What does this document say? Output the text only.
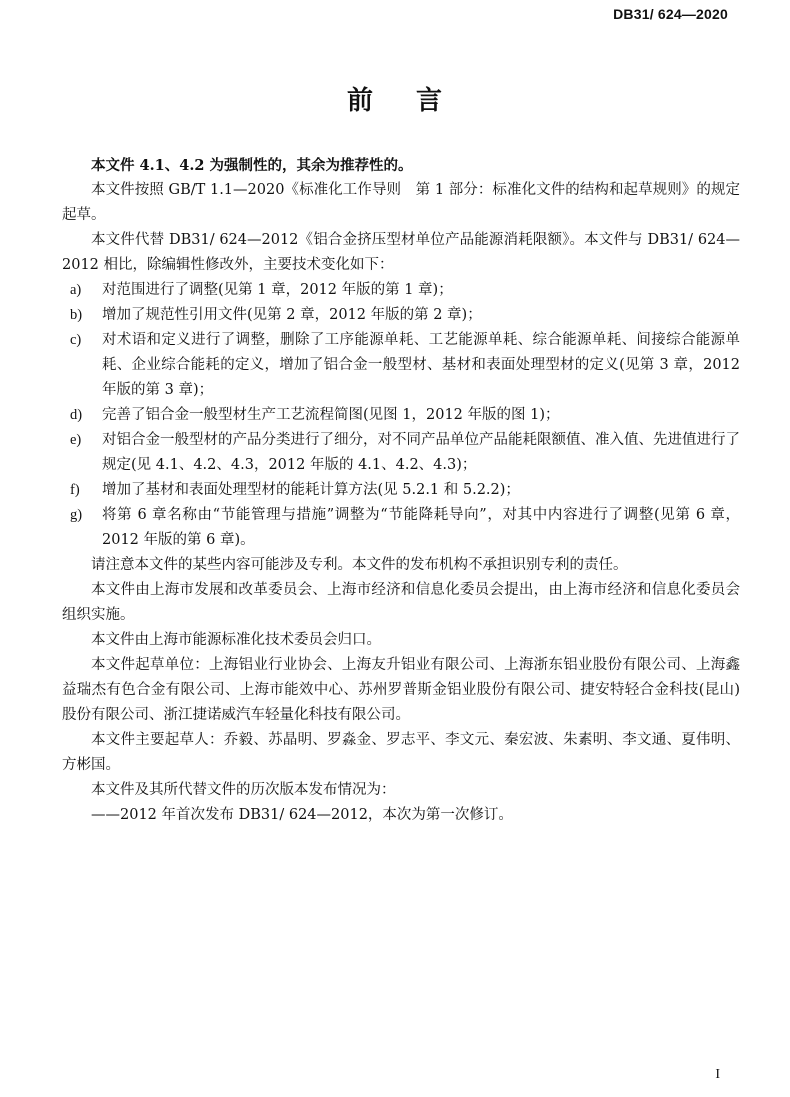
DB31/ 624—2020
前 言

本文件 4.1、4.2 为强制性的，其余为推荐性的。

本文件按照 GB/T 1.1—2020《标准化工作导则　第 1 部分：标准化文件的结构和起草规则》的规定起草。

本文件代替 DB31/ 624—2012《铝合金挤压型材单位产品能源消耗限额》。本文件与 DB31/ 624—2012 相比，除编辑性修改外，主要技术变化如下：

a) 对范围进行了调整(见第 1 章，2012 年版的第 1 章)；

b) 增加了规范性引用文件(见第 2 章，2012 年版的第 2 章)；

c) 对术语和定义进行了调整，删除了工序能源单耗、工艺能源单耗、综合能源单耗、间接综合能源单耗、企业综合能耗的定义，增加了铝合金一般型材、基材和表面处理型材的定义(见第 3 章，2012 年版的第 3 章)；

d) 完善了铝合金一般型材生产工艺流程简图(见图 1，2012 年版的图 1)；

e) 对铝合金一般型材的产品分类进行了细分，对不同产品单位产品能耗限额值、准入值、先进值进行了规定(见 4.1、4.2、4.3，2012 年版的 4.1、4.2、4.3)；

f) 增加了基材和表面处理型材的能耗计算方法(见 5.2.1 和 5.2.2)；

g) 将第 6 章名称由“节能管理与措施”调整为“节能降耗导向”，对其中内容进行了调整(见第 6 章，2012 年版的第 6 章)。

请注意本文件的某些内容可能涉及专利。本文件的发布机构不承担识别专利的责任。

本文件由上海市发展和改革委员会、上海市经济和信息化委员会提出，由上海市经济和信息化委员会组织实施。

本文件由上海市能源标准化技术委员会归口。

本文件起草单位：上海铝业行业协会、上海友升铝业有限公司、上海浙东铝业股份有限公司、上海鑫益瑞杰有色合金有限公司、上海市能效中心、苏州罗普斯金铝业股份有限公司、捷安特轻合金科技(昆山)股份有限公司、浙江捷诺威汽车轻量化科技有限公司。

本文件主要起草人：乔毅、苏晶明、罗淼金、罗志平、李文元、秦宏波、朱素明、李文通、夏伟明、方彬国。

本文件及其所代替文件的历次版本发布情况为：

——2012 年首次发布 DB31/ 624—2012，本次为第一次修订。

I
